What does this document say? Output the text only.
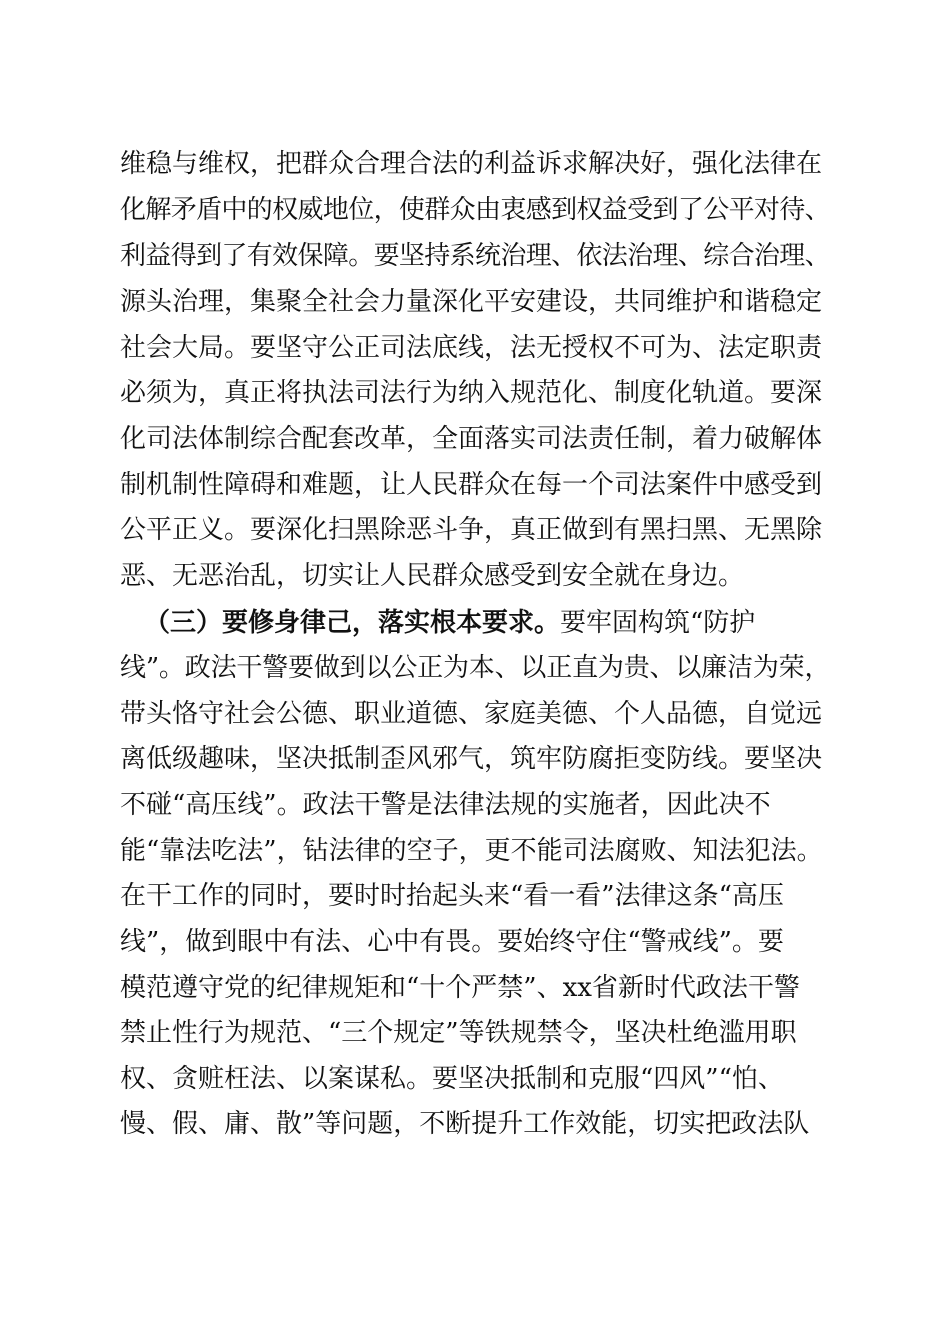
维稳与维权，把群众合理合法的利益诉求解决好，强化法律在
化解矛盾中的权威地位，使群众由衷感到权益受到了公平对待、
利益得到了有效保障。要坚持系统治理、依法治理、综合治理、
源头治理，集聚全社会力量深化平安建设，共同维护和谐稳定
社会大局。要坚守公正司法底线，法无授权不可为、法定职责
必须为，真正将执法司法行为纳入规范化、制度化轨道。要深
化司法体制综合配套改革，全面落实司法责任制，着力破解体
制机制性障碍和难题，让人民群众在每一个司法案件中感受到
公平正义。要深化扫黑除恶斗争，真正做到有黑扫黑、无黑除
恶、无恶治乱，切实让人民群众感受到安全就在身边。
（三）要修身律己，落实根本要求。要牢固构筑“防护
线”。政法干警要做到以公正为本、以正直为贵、以廉洁为荣，
带头恪守社会公德、职业道德、家庭美德、个人品德，自觉远
离低级趣味，坚决抵制歪风邪气，筑牢防腐拒变防线。要坚决
不碰“高压线”。政法干警是法律法规的实施者，因此决不
能“靠法吃法”，钻法律的空子，更不能司法腐败、知法犯法。
在干工作的同时，要时时抬起头来“看一看”法律这条“高压
线”，做到眼中有法、心中有畏。要始终守住“警戒线”。要
模范遵守党的纪律规矩和“十个严禁”、xx省新时代政法干警
禁止性行为规范、“三个规定”等铁规禁令，坚决杜绝滥用职
权、贪赃枉法、以案谋私。要坚决抵制和克服“四风”“怕、
慢、假、庸、散”等问题，不断提升工作效能，切实把政法队
